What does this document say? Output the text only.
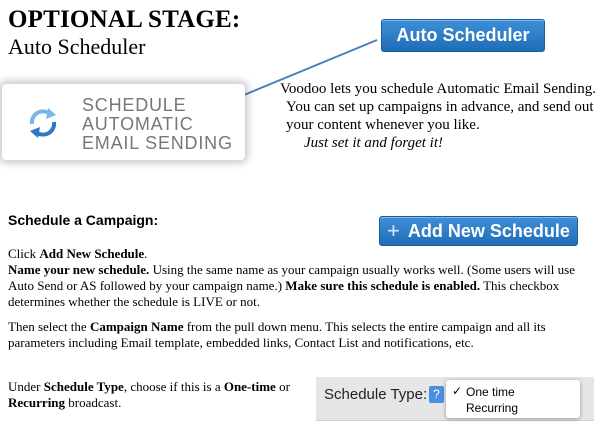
OPTIONAL STAGE:
Auto Scheduler	Auto Scheduler
SCHEDULE
AUTOMATIC
EMAIL SENDING

Voodoo lets you schedule Automatic Email Sending. You can set up campaigns in advance, and send out your content whenever you like.

Just set it and forget it!
Schedule a Campaign:	+ Add New Schedule
Click Add New Schedule.
Name your new schedule. Using the same name as your campaign usually works well. (Some users will use Auto Send or AS followed by your campaign name.) Make sure this schedule is enabled. This checkbox determines whether the schedule is LIVE or not.
Then select the Campaign Name from the pull down menu. This selects the entire campaign and all its parameters including Email template, embedded links, Contact List and notifications, etc.
Under Schedule Type, choose if this is a One-time or Recurring broadcast.	Schedule Type: ?	✓ One time
Recurring
